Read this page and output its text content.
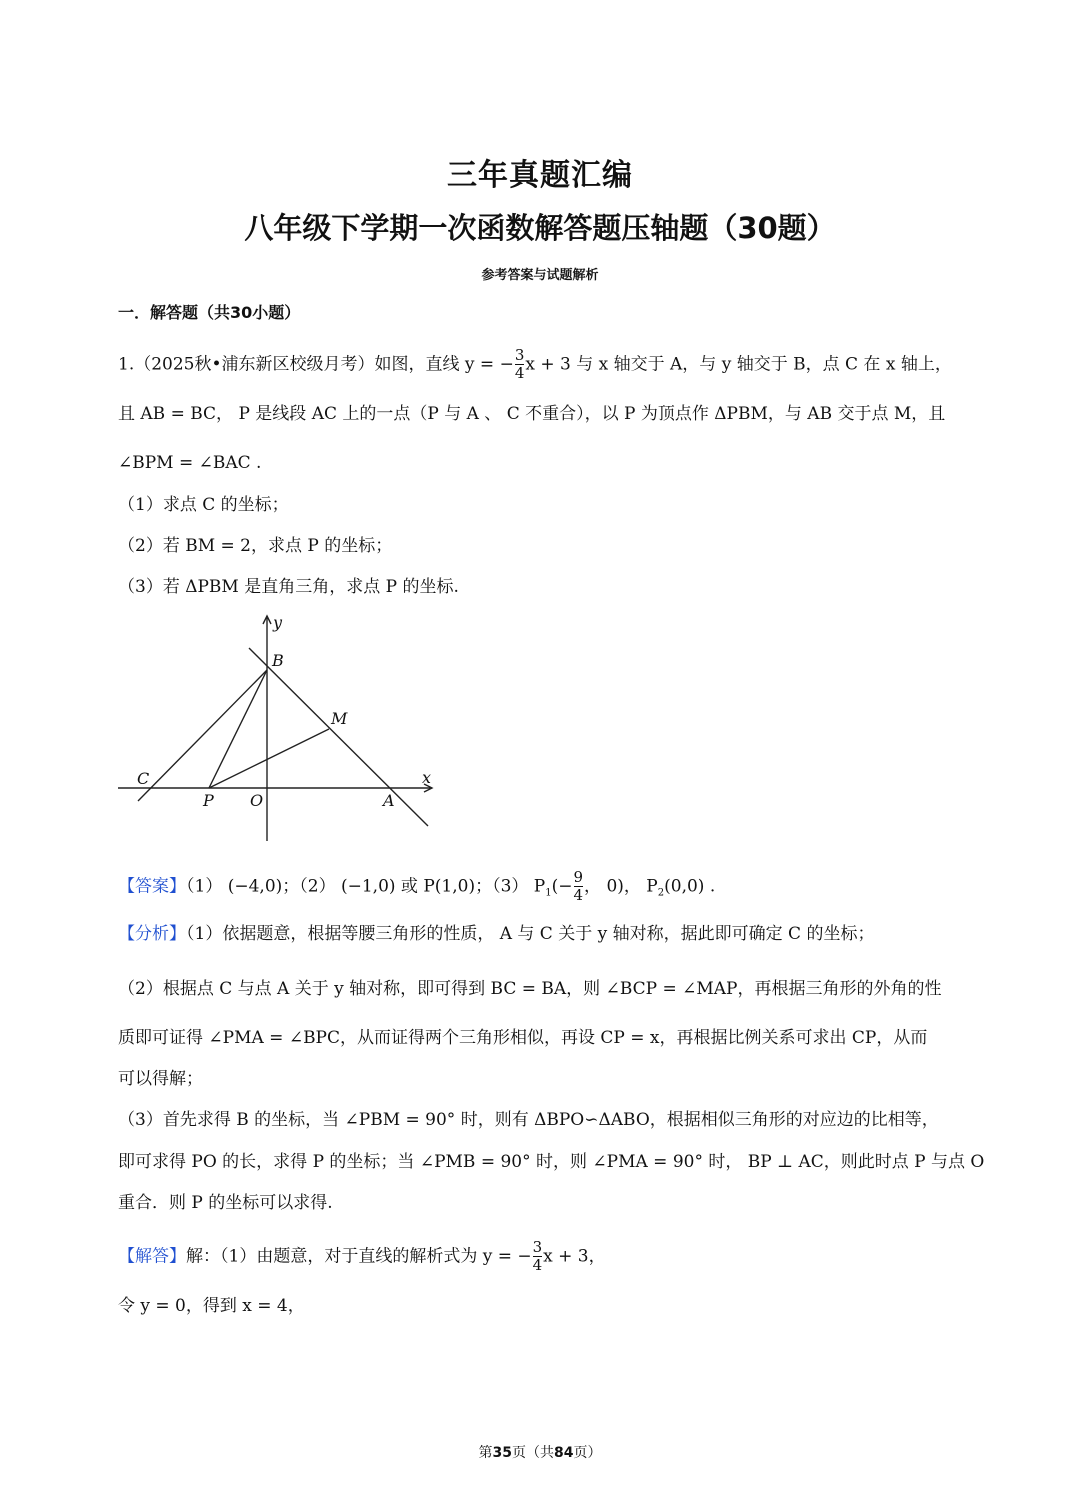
三年真题汇编
八年级下学期一次函数解答题压轴题（30题）
参考答案与试题解析
一．解答题（共30小题）
1.（2025秋•浦东新区校级月考）如图，直线 y = − $\frac{3}{4}$ x + 3 与 x 轴交于 A，与 y 轴交于 B，点 C 在 x 轴上，
且 AB = BC， P 是线段 AC 上的一点（P 与 A 、 C 不重合），以 P 为顶点作 ΔPBM，与 AB 交于点 M，且
∠BPM = ∠BAC .
（1）求点 C 的坐标；
（2）若 BM = 2，求点 P 的坐标；
（3）若 ΔPBM 是直角三角，求点 P 的坐标.
y
x
B
M
C
P O	A
【答案】（1） (−4,0)；（2） (−1,0) 或 P(1,0)；（3） $P_1(- \frac{9}{4}$ ， 0)， $P_2(0,0)$ .
【分析】（1）依据题意，根据等腰三角形的性质， A 与 C 关于 y 轴对称，据此即可确定 C 的坐标；
（2）根据点 C 与点 A 关于 y 轴对称，即可得到 BC = BA，则 ∠BCP = ∠MAP，再根据三角形的外角的性
质即可证得 ∠PMA = ∠BPC，从而证得两个三角形相似，再设 CP = x，再根据比例关系可求出 CP，从而
可以得解；
（3）首先求得 B 的坐标，当 ∠PBM = 90° 时，则有 ΔBPO∽ΔABO，根据相似三角形的对应边的比相等，
即可求得 PO 的长，求得 P 的坐标；当 ∠PMB = 90° 时，则 ∠PMA = 90° 时， BP ⊥ AC，则此时点 P 与点 O
重合．则 P 的坐标可以求得.
【解答】解：（1）由题意，对于直线的解析式为 y = − $\frac{3}{4}$ x + 3，
令 y = 0，得到 x = 4，
第35页（共84页）
